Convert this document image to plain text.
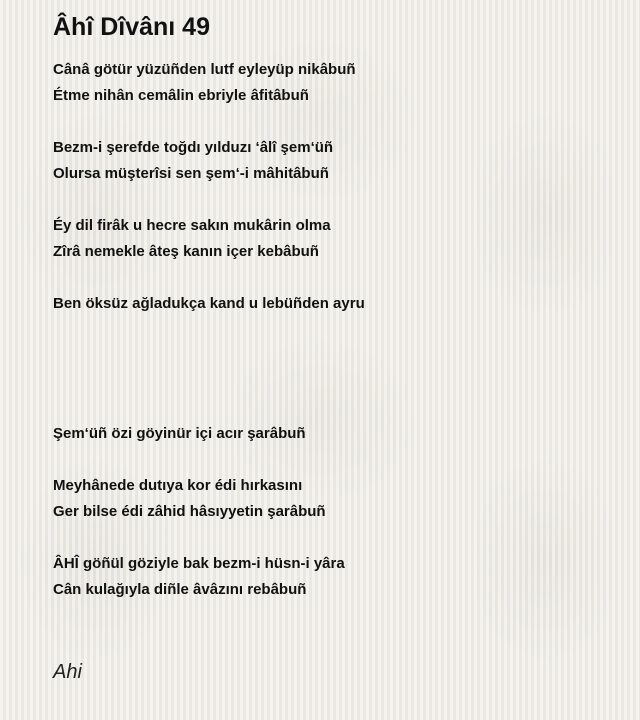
Âhî Dîvânı 49
Cânâ götür yüzüñden lutf eyleyüp nikâbuñ
Étme nihân cemâlin ebriyle âfitâbuñ
Bezm-i şerefde toğdı yılduzı ‘âlî şem‘üñ
Olursa müşterîsi sen şem‘-i mâhitâbuñ
Éy dil firâk u hecre sakın mukârin olma
Zîrâ nemekle âteş kanın içer kebâbuñ
Ben öksüz ağladukça kand u lebüñden ayru
Şem‘üñ özi göyinür içi acır şarâbuñ
Meyhânede dutıya kor édi hırkasını
Ger bilse édi zâhid hâsıyyetin şarâbuñ
ÂHÎ göñül göziyle bak bezm-i hüsn-i yâra
Cân kulağıyla diñle âvâzını rebâbuñ
Ahi
